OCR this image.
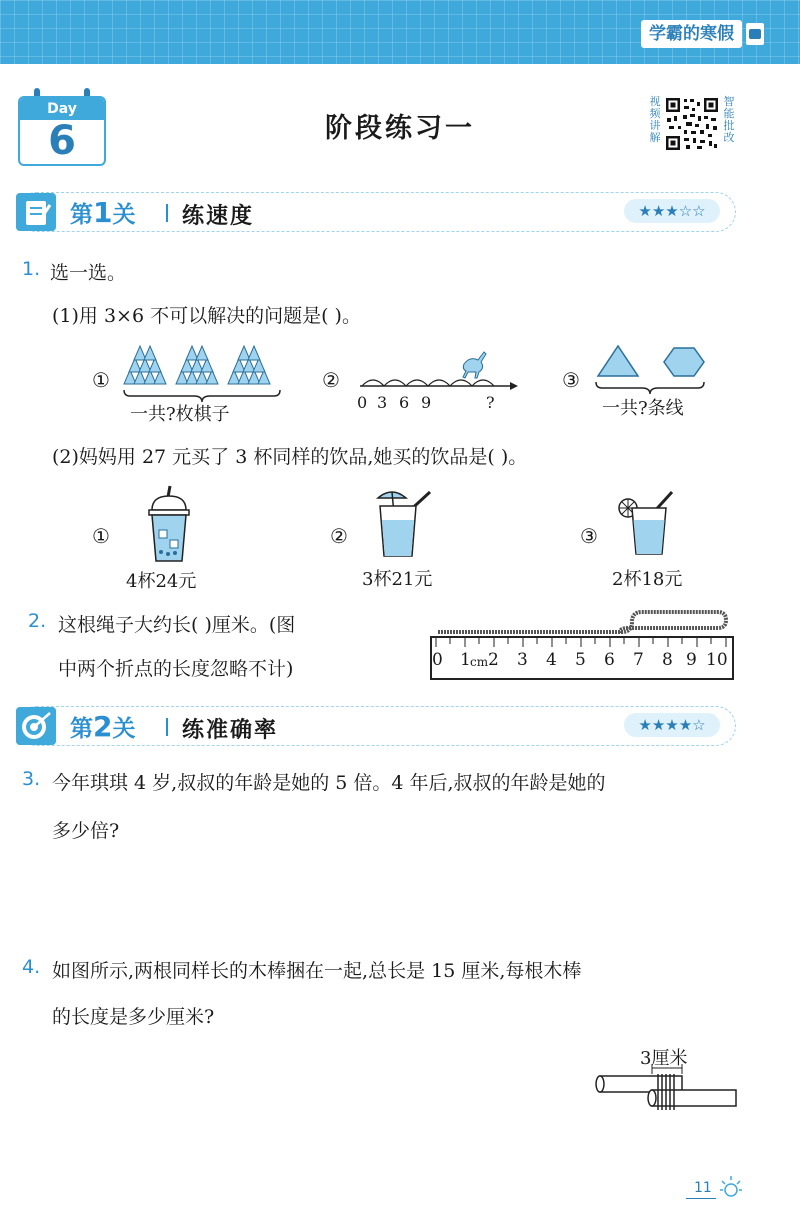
学霸的寒假
Day
6	阶段练习一
视频讲解
智能批改
第1关 练速度	★★★☆☆
1. 选一选。
(1)用 3×6 不可以解决的问题是( )。
①
一共?枚棋子
②
0 3 6 9	?
③
一共?条线
(2)妈妈用 27 元买了 3 杯同样的饮品,她买的饮品是( )。
①
4杯24元
②
3杯21元
③
2杯18元
2. 这根绳子大约长( )厘米。(图
中两个折点的长度忽略不计)	0 1 cm 2 3 4 5 6 7 8 9 10
第2关 练准确率	★★★★☆
3. 今年琪琪 4 岁,叔叔的年龄是她的 5 倍。4 年后,叔叔的年龄是她的
多少倍?
4. 如图所示,两根同样长的木棒捆在一起,总长是 15 厘米,每根木棒
的长度是多少厘米?
3厘米
11
